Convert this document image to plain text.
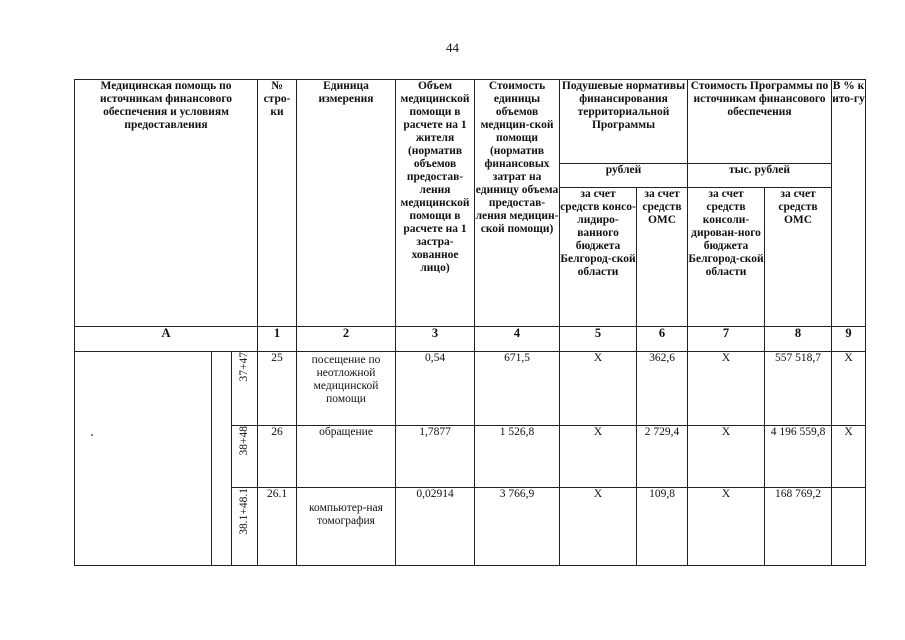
44
Медицинская помощь по источникам финансового обеспечения и условиям предоставления			№ стро-ки	Единица измерения	Объем медицинской помощи в расчете на 1 жителя (норматив объемов предостав-ления медицинской помощи в расчете на 1 застра-хованное лицо)	Стоимость единицы объемов медицин-ской помощи (норматив финансовых затрат на единицу объема предостав-ления медицин-ской помощи)	Подушевые нормативы финансирования территориальной Программы		Стоимость Программы по источникам финансового обеспечения		В % к ито-гу
							рублей		тыс. рублей		
							за счет средств консо-лидиро-ванного бюджета Белгород-ской области	за счет средств ОМС	за счет средств консоли-дирован-ного бюджета Белгород-ской области	за счет средств ОМС	
А			1	2	3	4	5	6	7	8	9
		37+47	25	посещение по неотложной медицинской помощи	0,54	671,5	Х	362,6	Х	557 518,7	Х
		38+48	26	обращение	1,7877	1 526,8	Х	2 729,4	Х	4 196 559,8	Х
		38.1+48.1	26.1	компьютер-ная томография	0,02914	3 766,9	Х	109,8	Х	168 769,2	
